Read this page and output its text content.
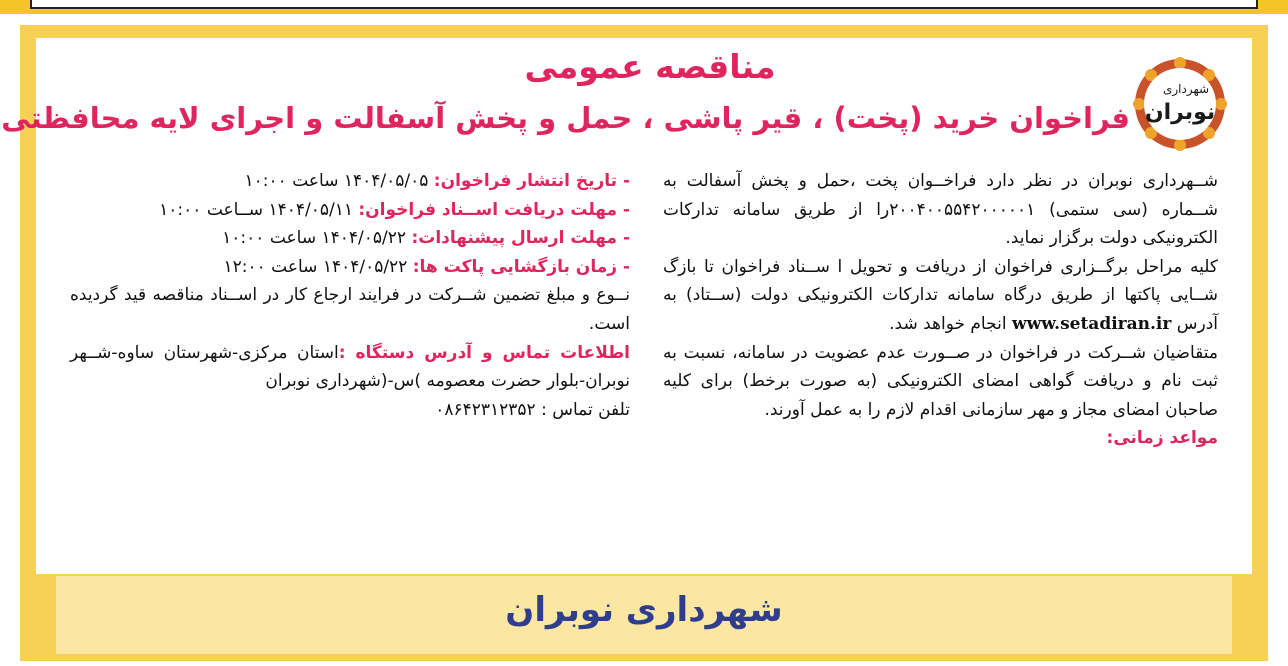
شهرداری
نوبران
مناقصه عمومی
فراخوان خرید (پخت) ، قیر پاشی ، حمل و پخش آسفالت و اجرای لایه محافظتی

شــهرداری نوبران در نظر دارد فراخــوان پخت ،حمل و پخش آسفالت به شــماره (سی ستمی) ۲۰۰۴۰۰۵۵۴۲۰۰۰۰۰۱را از طریق سامانه تدارکات الکترونیکی دولت برگزار نماید.

کلیه مراحل برگــزاری فراخوان از دریافت و تحویل ا ســناد فراخوان تا بازگ شــایی پاکتها از طریق درگاه سامانه تدارکات الکترونیکی دولت (ســتاد) به آدرس www.setadiran.ir انجام خواهد شد.

متقاضیان شــرکت در فراخوان در صــورت عدم عضویت در سامانه، نسبت به ثبت نام و دریافت گواهی امضای الکترونیکی (به صورت برخط) برای کلیه صاحبان امضای مجاز و مهر سازمانی اقدام لازم را به عمل آورند.

مواعد زمانی:

- تاریخ انتشار فراخوان: ۱۴۰۴/۰۵/۰۵ ساعت ۱۰:۰۰

- مهلت دریافت اســناد فراخوان: ۱۴۰۴/۰۵/۱۱ ســاعت ۱۰:۰۰

- مهلت ارسال پیشنهادات: ۱۴۰۴/۰۵/۲۲ ساعت ۱۰:۰۰

- زمان بازگشایی پاکت ها: ۱۴۰۴/۰۵/۲۲ ساعت ۱۲:۰۰

نــوع و مبلغ تضمین شــرکت در فرایند ارجاع کار در اســناد مناقصه قید گردیده است.

اطلاعات تماس و آدرس دستگاه :استان مرکزی-شهرستان ساوه-شــهر نوبران-بلوار حضرت معصومه )س-(شهرداری نوبران

تلفن تماس : ۰۸۶۴۲۳۱۲۳۵۲

شهرداری نوبران
